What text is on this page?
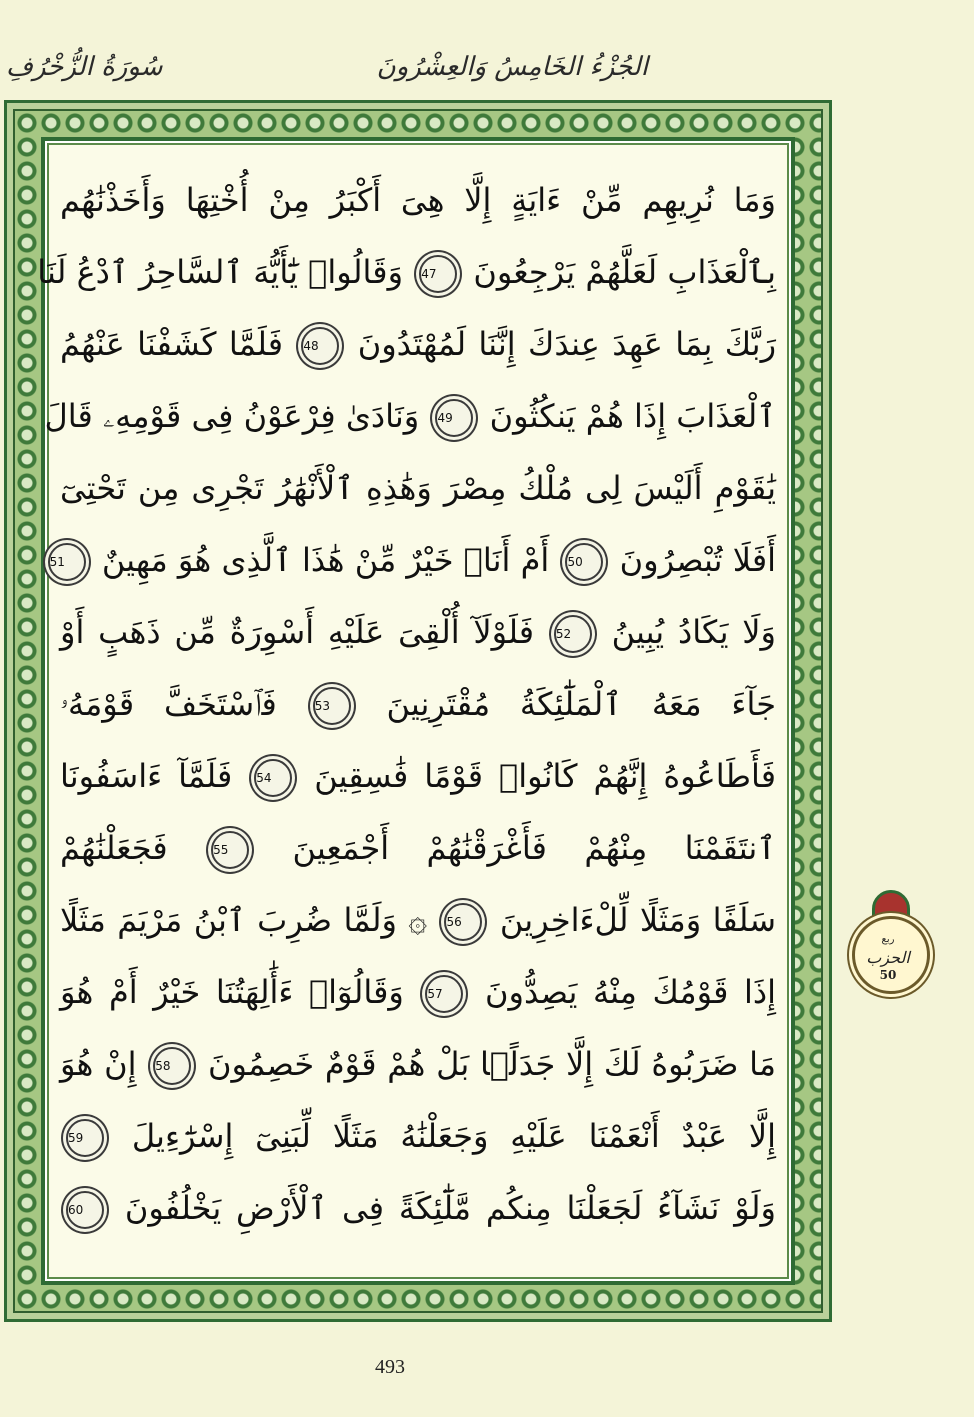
سُورَةُ الزُّخْرُفِ	الجُزْءُ الخَامِسُ وَالعِشْرُونَ
وَمَا نُرِيهِم مِّنْ ءَايَةٍ إِلَّا هِىَ أَكْبَرُ مِنْ أُخْتِهَا وَأَخَذْنَٰهُم
بِٱلْعَذَابِ لَعَلَّهُمْ يَرْجِعُونَ 47 وَقَالُوا۟ يَٰٓأَيُّهَ ٱلسَّاحِرُ ٱدْعُ لَنَا
رَبَّكَ بِمَا عَهِدَ عِندَكَ إِنَّنَا لَمُهْتَدُونَ 48 فَلَمَّا كَشَفْنَا عَنْهُمُ
ٱلْعَذَابَ إِذَا هُمْ يَنكُثُونَ 49 وَنَادَىٰ فِرْعَوْنُ فِى قَوْمِهِۦ قَالَ
يَٰقَوْمِ أَلَيْسَ لِى مُلْكُ مِصْرَ وَهَٰذِهِ ٱلْأَنْهَٰرُ تَجْرِى مِن تَحْتِىٓ
أَفَلَا تُبْصِرُونَ 50 أَمْ أَنَا۠ خَيْرٌ مِّنْ هَٰذَا ٱلَّذِى هُوَ مَهِينٌ 51
وَلَا يَكَادُ يُبِينُ 52 فَلَوْلَآ أُلْقِىَ عَلَيْهِ أَسْوِرَةٌ مِّن ذَهَبٍ أَوْ
جَآءَ مَعَهُ ٱلْمَلَٰٓئِكَةُ مُقْتَرِنِينَ 53 فَٱسْتَخَفَّ قَوْمَهُۥ
فَأَطَاعُوهُ إِنَّهُمْ كَانُوا۟ قَوْمًا فَٰسِقِينَ 54 فَلَمَّآ ءَاسَفُونَا
ٱنتَقَمْنَا مِنْهُمْ فَأَغْرَقْنَٰهُمْ أَجْمَعِينَ 55 فَجَعَلْنَٰهُمْ
سَلَفًا وَمَثَلًا لِّلْءَاخِرِينَ 56 ۞ وَلَمَّا ضُرِبَ ٱبْنُ مَرْيَمَ مَثَلًا
إِذَا قَوْمُكَ مِنْهُ يَصِدُّونَ 57 وَقَالُوٓا۟ ءَأَٰلِهَتُنَا خَيْرٌ أَمْ هُوَ
مَا ضَرَبُوهُ لَكَ إِلَّا جَدَلًۢا بَلْ هُمْ قَوْمٌ خَصِمُونَ 58 إِنْ هُوَ
إِلَّا عَبْدٌ أَنْعَمْنَا عَلَيْهِ وَجَعَلْنَٰهُ مَثَلًا لِّبَنِىٓ إِسْرَٰٓءِيلَ 59
وَلَوْ نَشَآءُ لَجَعَلْنَا مِنكُم مَّلَٰٓئِكَةً فِى ٱلْأَرْضِ يَخْلُفُونَ 60
ربع
الحزب
50
493
